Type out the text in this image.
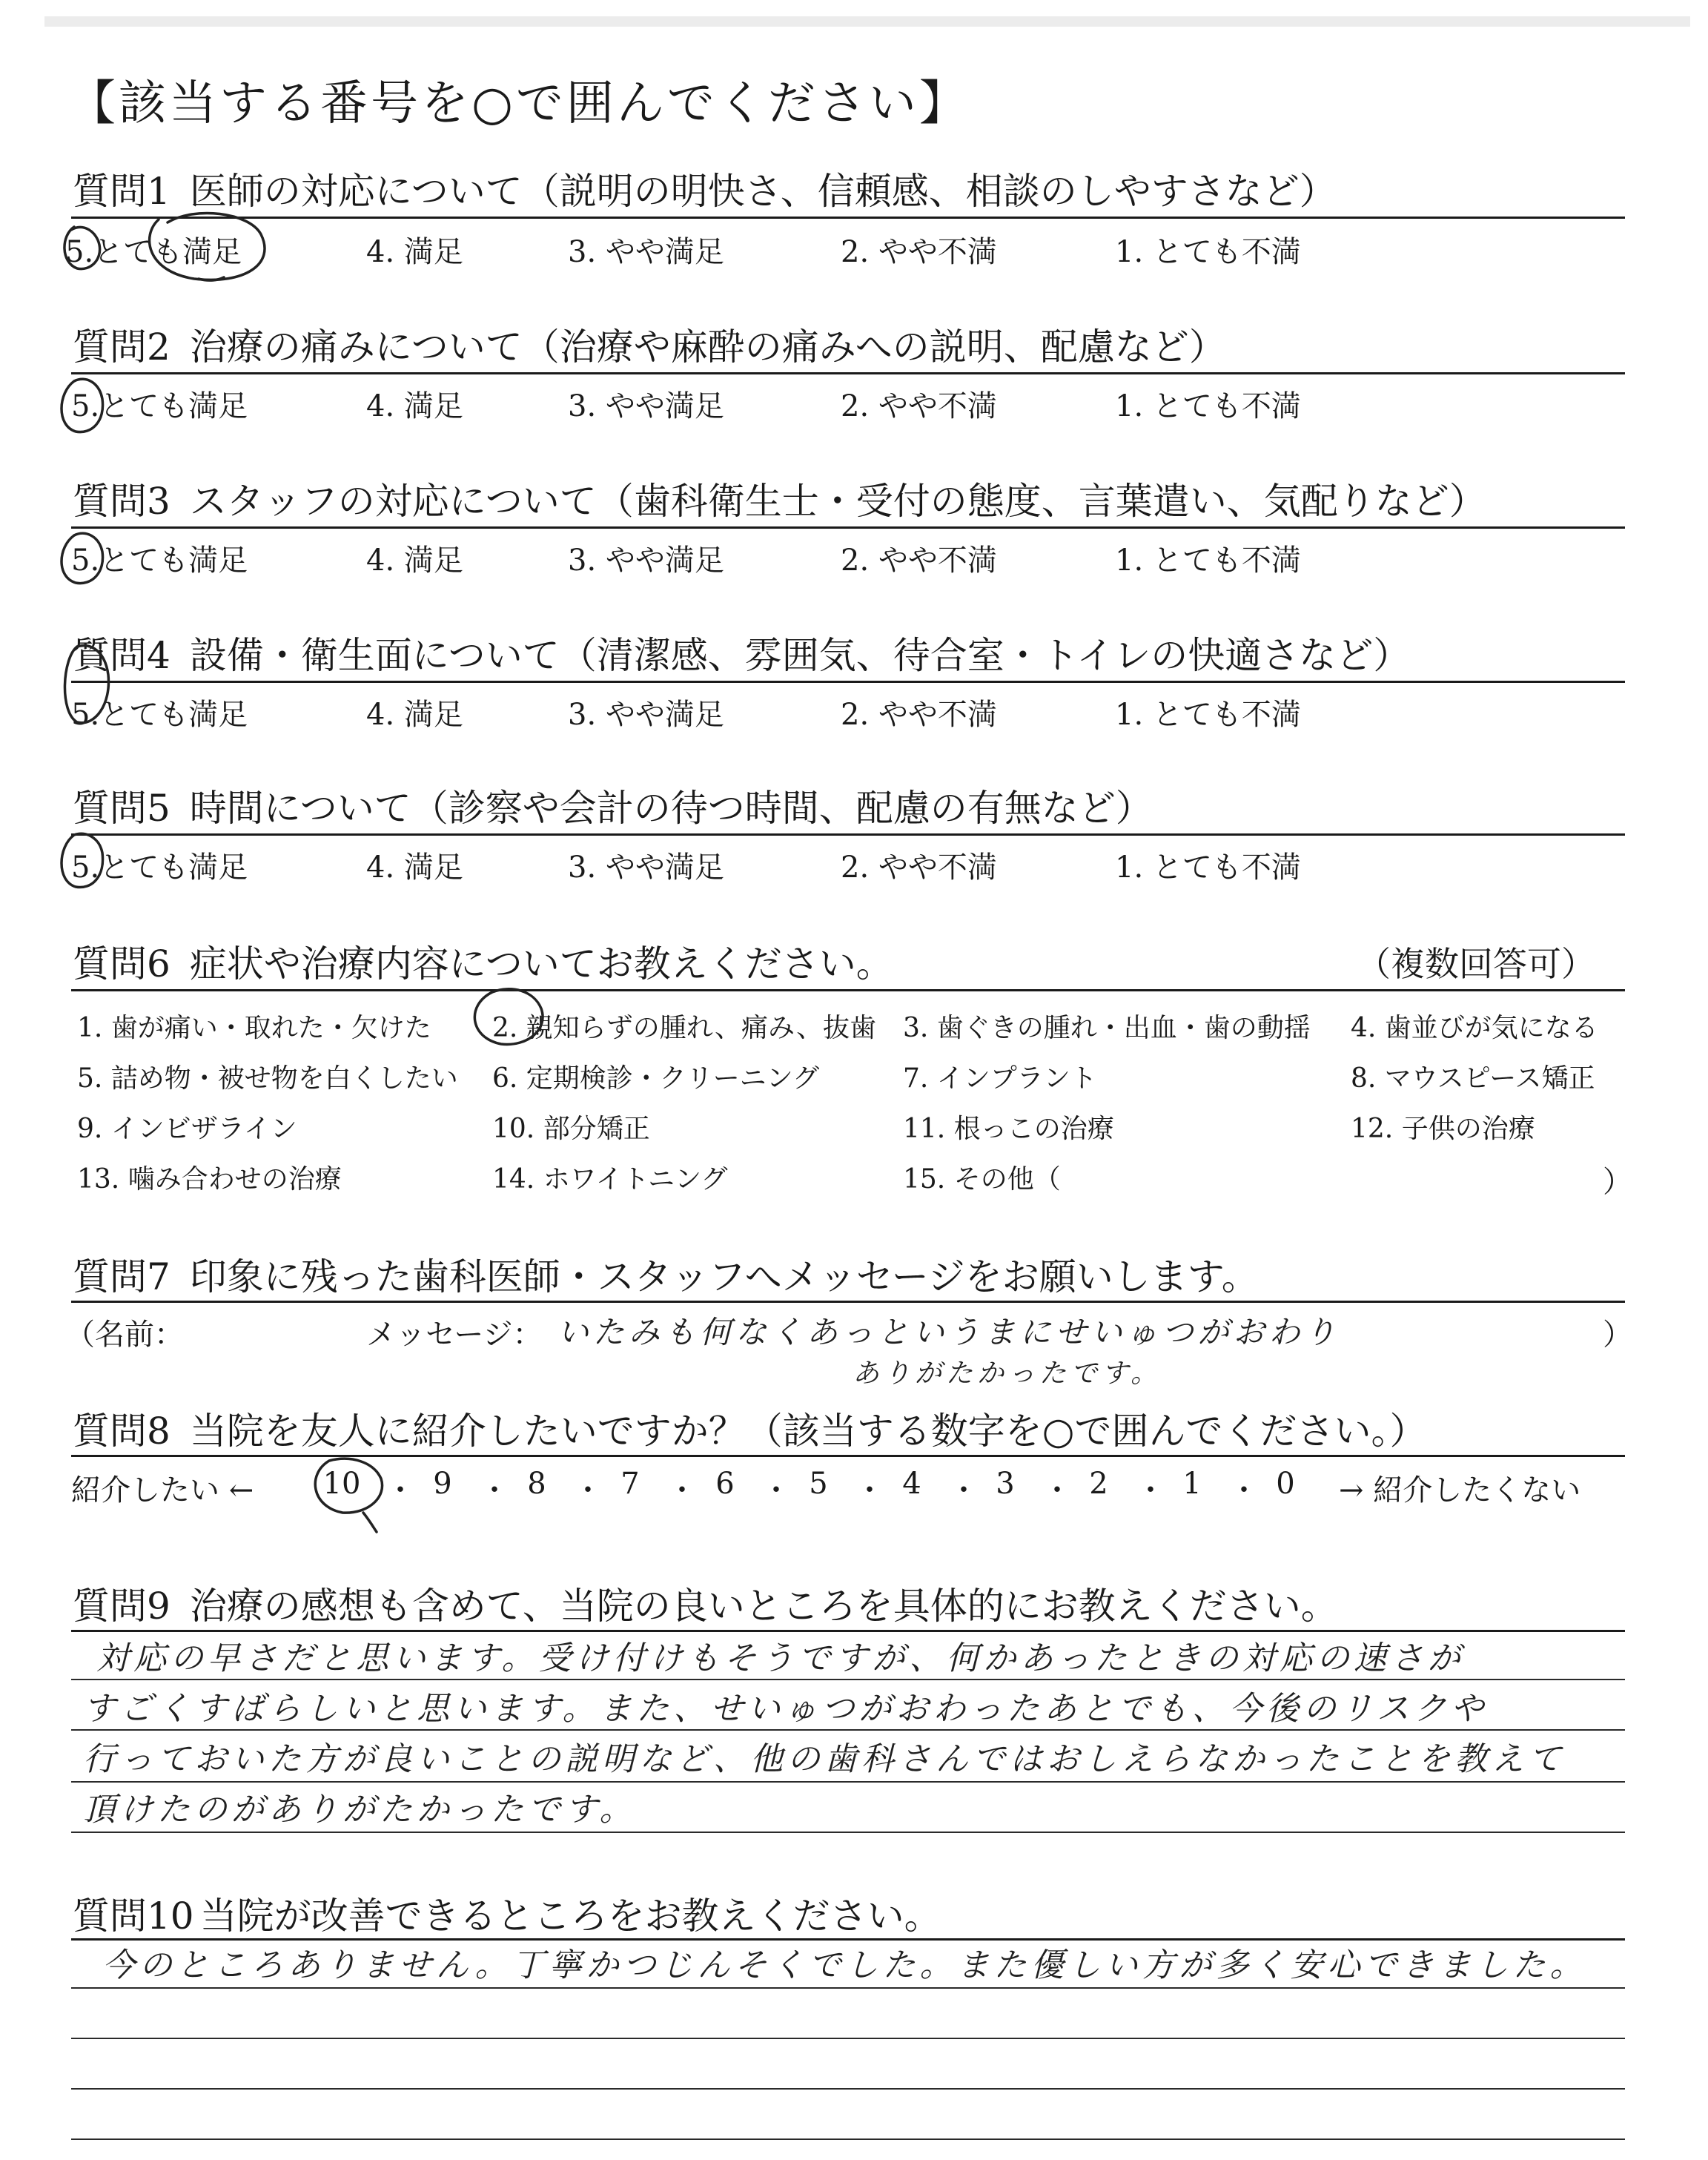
【該当する番号を○で囲んでください】
質問1 医師の対応について（説明の明快さ、信頼感、相談のしやすさなど）
5.とても満足	4. 満足	3. やや満足	2. やや不満	1. とても不満
質問2 治療の痛みについて（治療や麻酔の痛みへの説明、配慮など）
5.とても満足	4. 満足	3. やや満足	2. やや不満	1. とても不満
質問3 スタッフの対応について（歯科衛生士・受付の態度、言葉遣い、気配りなど）
5.とても満足	4. 満足	3. やや満足	2. やや不満	1. とても不満
質問4 設備・衛生面について（清潔感、雰囲気、待合室・トイレの快適さなど）
5.とても満足	4. 満足	3. やや満足	2. やや不満	1. とても不満
質問5 時間について（診察や会計の待つ時間、配慮の有無など）
5.とても満足	4. 満足	3. やや満足	2. やや不満	1. とても不満
質問6 症状や治療内容についてお教えください。	（複数回答可）
1. 歯が痛い・取れた・欠けた 2. 親知らずの腫れ、痛み、抜歯 3. 歯ぐきの腫れ・出血・歯の動揺 4. 歯並びが気になる
5. 詰め物・被せ物を白くしたい 6. 定期検診・クリーニング	7. インプラント	8. マウスピース矯正
9. インビザライン	10. 部分矯正	11. 根っこの治療	12. 子供の治療
13. 噛み合わせの治療	14. ホワイトニング	15. その他（	）
質問7 印象に残った歯科医師・スタッフへメッセージをお願いします。
（名前：	メッセージ： いたみも何なくあっというまにせいゅつがおわり
ありがたかったです。
）
質問8 当院を友人に紹介したいですか？（該当する数字を○で囲んでください。）
紹介したい ← 10 ・ 9 ・ 8 ・ 7 ・ 6 ・ 5 ・ 4 ・ 3 ・ 2 ・ 1 ・ 0	→ 紹介したくない
質問9 治療の感想も含めて、当院の良いところを具体的にお教えください。
対応の早さだと思います。受け付けもそうですが、何かあったときの対応の速さが
すごくすばらしいと思います。また、せいゅつがおわったあとでも、今後のリスクや
行っておいた方が良いことの説明など、他の歯科さんではおしえらなかったことを教えて
頂けたのがありがたかったです。
質問10 当院が改善できるところをお教えください。
今のところありません。丁寧かつじんそくでした。また優しい方が多く安心できました。
